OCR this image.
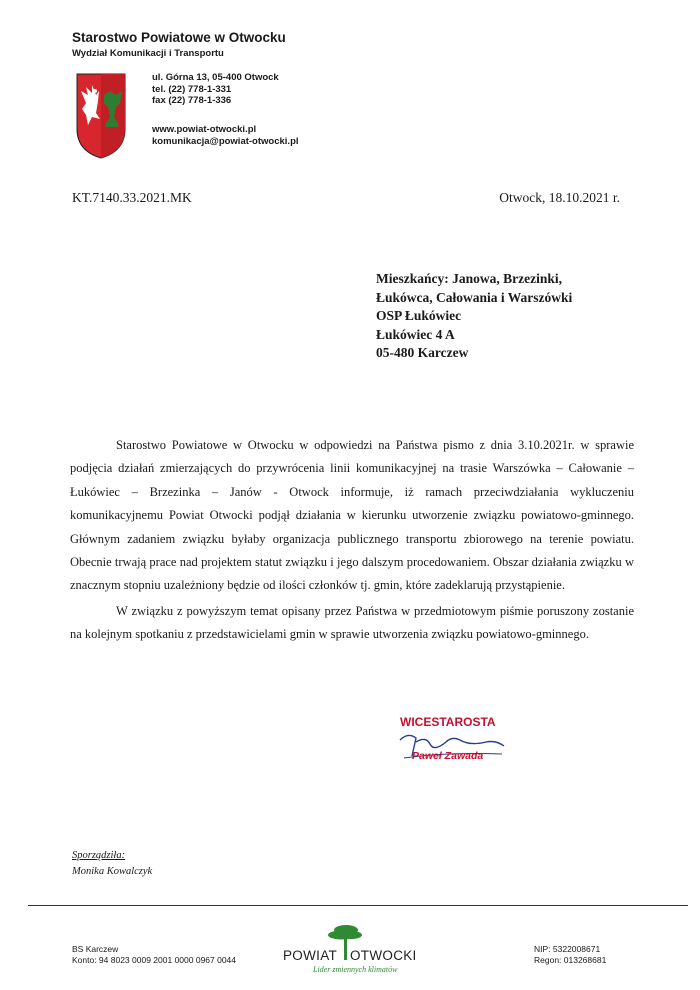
Starostwo Powiatowe w Otwocku
Wydział Komunikacji i Transportu
ul. Górna 13, 05-400 Otwock
tel. (22) 778-1-331
fax (22) 778-1-336
www.powiat-otwocki.pl
komunikacja@powiat-otwocki.pl
KT.7140.33.2021.MK	Otwock, 18.10.2021 r.
Mieszkańcy: Janowa, Brzezinki,
Łukówca, Całowania i Warszówki
OSP Łukówiec
Łukówiec 4 A
05-480 Karczew

Starostwo Powiatowe w Otwocku w odpowiedzi na Państwa pismo z dnia 3.10.2021r. w sprawie podjęcia działań zmierzających do przywrócenia linii komunikacyjnej na trasie Warszówka – Całowanie – Łukówiec – Brzezinka – Janów - Otwock informuje, iż ramach przeciwdziałania wykluczeniu komunikacyjnemu Powiat Otwocki podjął działania w kierunku utworzenie związku powiatowo-gminnego. Głównym zadaniem związku byłaby organizacja publicznego transportu zbiorowego na terenie powiatu. Obecnie trwają prace nad projektem statut związku i jego dalszym procedowaniem. Obszar działania związku w znacznym stopniu uzależniony będzie od ilości członków tj. gmin, które zadeklarują przystąpienie.

W związku z powyższym temat opisany przez Państwa w przedmiotowym piśmie poruszony zostanie na kolejnym spotkaniu z przedstawicielami gmin w sprawie utworzenia związku powiatowo-gminnego.

WICESTAROSTA
Paweł Zawada
Sporządziła:
Monika Kowalczyk
BS Karczew
Konto: 94 8023 0009 2001 0000 0967 0044	POWIAT OTWOCKI
Lider zmiennych klimatów
NIP: 5322008671
Regon: 013268681
